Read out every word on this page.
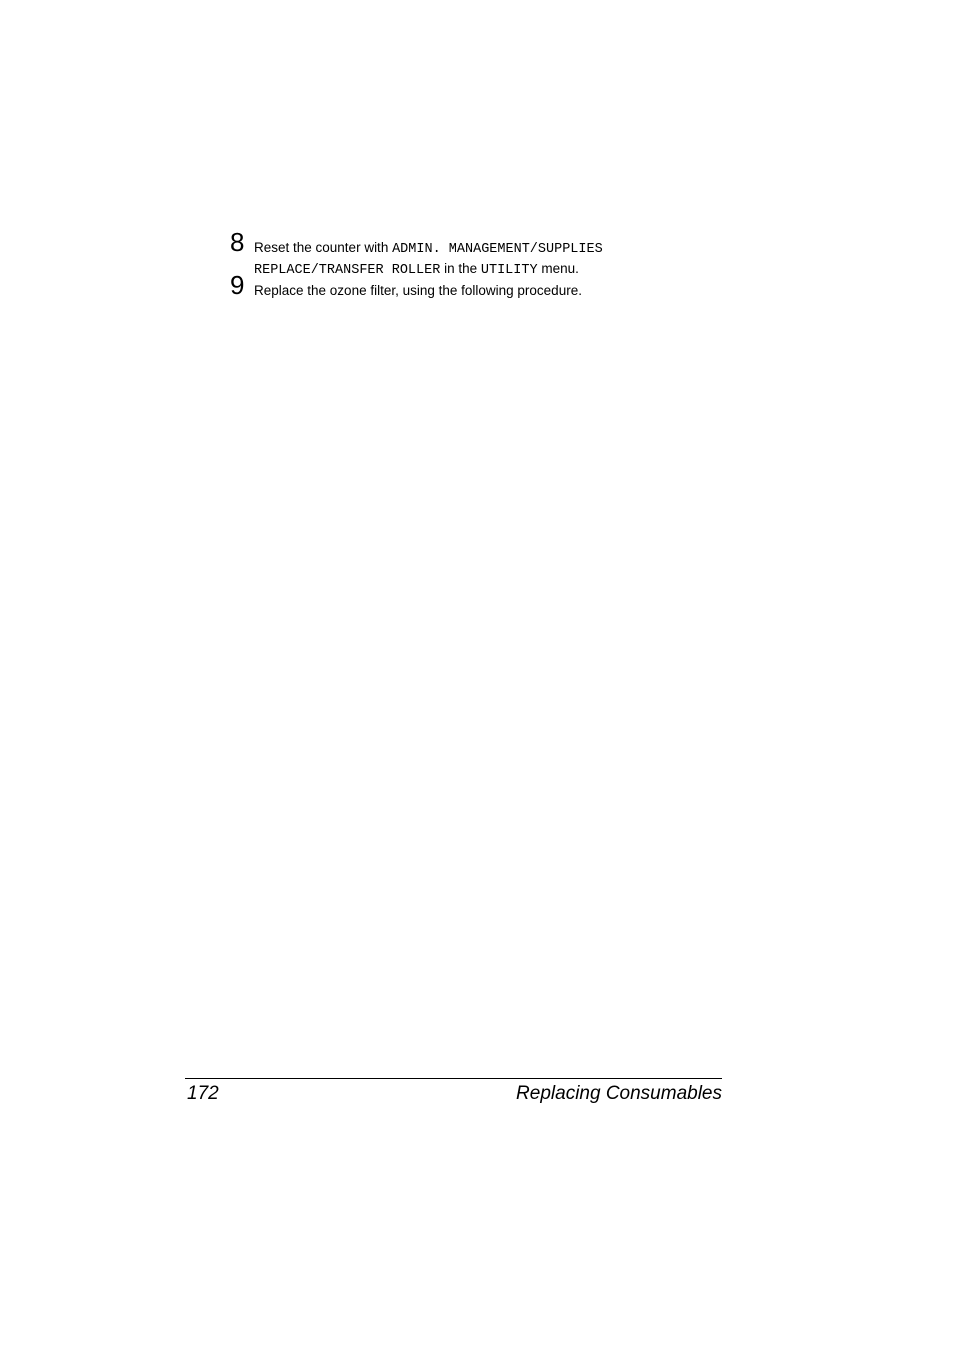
8 Reset the counter with ADMIN. MANAGEMENT/SUPPLIES
REPLACE/TRANSFER ROLLER in the UTILITY menu.
9 Replace the ozone filter, using the following procedure.
172	Replacing Consumables
